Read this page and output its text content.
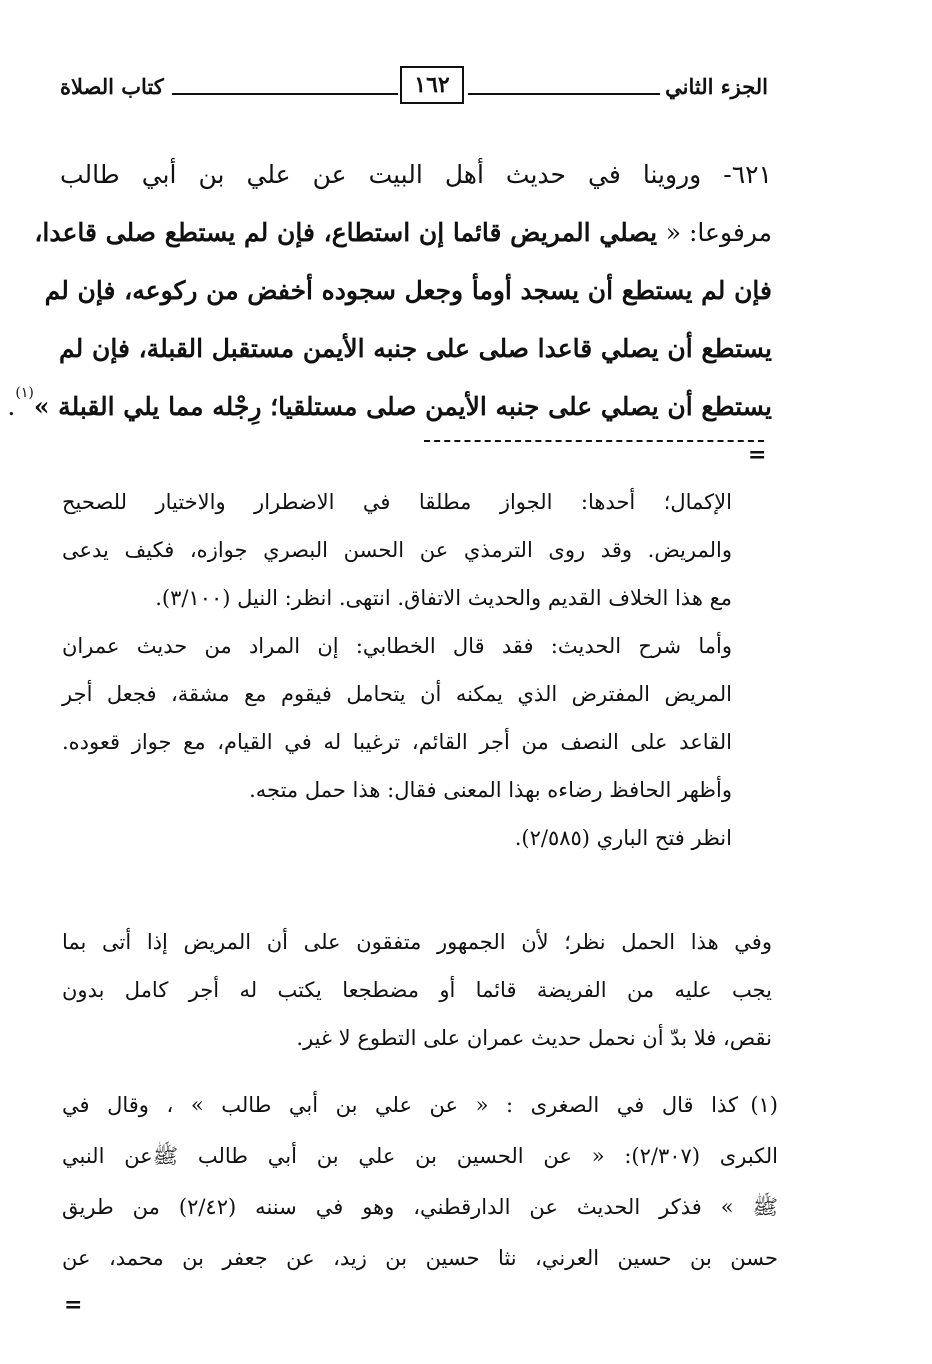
الجزء الثاني
١٦٢
كتاب الصلاة
٦٢١- وروينا في حديث أهل البيت عن علي بن أبي طالب
مرفوعا: « يصلي المريض قائما إن استطاع، فإن لم يستطع صلى قاعدا،
فإن لم يستطع أن يسجد أومأ وجعل سجوده أخفض من ركوعه، فإن لم
يستطع أن يصلي قاعدا صلى على جنبه الأيمن مستقبل القبلة، فإن لم
يستطع أن يصلي على جنبه الأيمن صلى مستلقيا؛ رِجْله مما يلي القبلة »$^{(١)}$.
=
الإكمال؛ أحدها: الجواز مطلقا في الاضطرار والاختيار للصحيح
والمريض. وقد روى الترمذي عن الحسن البصري جوازه، فكيف يدعى
مع هذا الخلاف القديم والحديث الاتفاق. انتهى. انظر: النيل (٣/١٠٠).
وأما شرح الحديث: فقد قال الخطابي: إن المراد من حديث عمران
المريض المفترض الذي يمكنه أن يتحامل فيقوم مع مشقة، فجعل أجر
القاعد على النصف من أجر القائم، ترغيبا له في القيام، مع جواز قعوده.
وأظهر الحافظ رضاءه بهذا المعنى فقال: هذا حمل متجه.
انظر فتح الباري (٢/٥٨٥).
وفي هذا الحمل نظر؛ لأن الجمهور متفقون على أن المريض إذا أتى بما
يجب عليه من الفريضة قائما أو مضطجعا يكتب له أجر كامل بدون
نقص، فلا بدّ أن نحمل حديث عمران على التطوع لا غير.
(١)
كذا قال في الصغرى : « عن علي بن أبي طالب » ، وقال في
الكبرى (٢/٣٠٧): « عن الحسين بن علي بن أبي طالب ﷺعن النبي
ﷺ » فذكر الحديث عن الدارقطني، وهو في سننه (٢/٤٢) من طريق
حسن بن حسين العرني، نثا حسين بن زيد، عن جعفر بن محمد، عن
=
